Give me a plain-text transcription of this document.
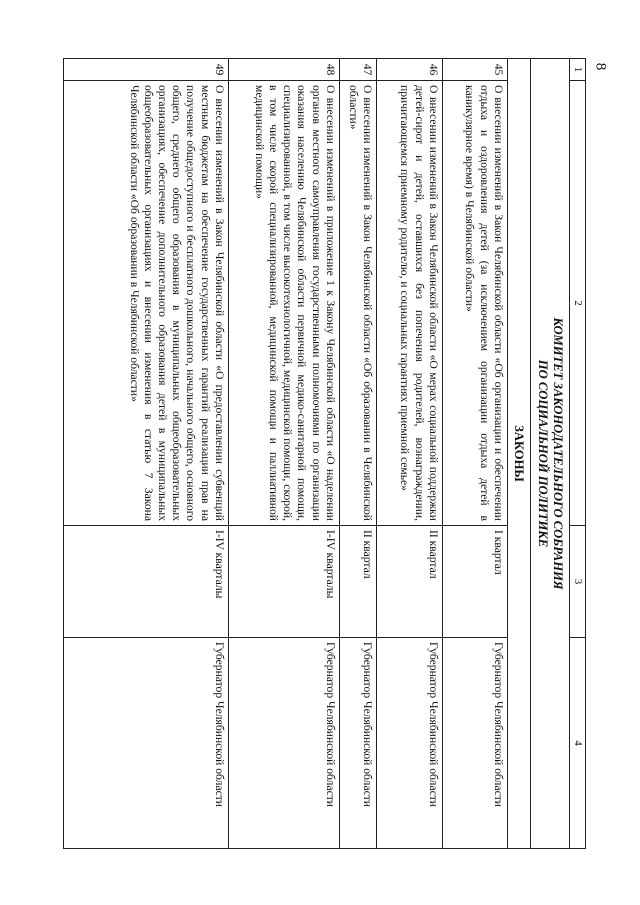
8
1	2	3	4

КОМИТЕТ ЗАКОНОДАТЕЛЬНОГО СОБРАНИЯ
ПО СОЦИАЛЬНОЙ ПОЛИТИКЕ			

ЗАКОНЫ			
45	О внесении изменений в Закон Челябинской области «Об организации и обеспечении отдыха и оздоровления детей (за исключением организации отдыха детей в каникулярное время) в Челябинской области»	I квартал	Губернатор Челябинской области
46	О внесении изменений в Закон Челябинской области «О мерах социальной поддержки детей-сирот и детей, оставшихся без попечения родителей, вознаграждении, причитающемся приемному родителю, и социальных гарантиях приемной семье»	II квартал	Губернатор Челябинской области
47	О внесении изменений в Закон Челябинской области «Об образовании в Челябинской области»	II квартал	Губернатор Челябинской области
48	О внесении изменений в приложение 1 к Закону Челябинской области «О наделении органов местного самоуправления государственными полномочиями по организации оказания населению Челябинской области первичной медико-санитарной помощи, специализированной, в том числе высокотехнологичной, медицинской помощи, скорой, в том числе скорой специализированной, медицинской помощи и паллиативной медицинской помощи»	I-IV кварталы	Губернатор Челябинской области
49	О внесении изменений в Закон Челябинской области «О предоставлении субвенций местным бюджетам на обеспечение государственных гарантий реализации прав на получение общедоступного и бесплатного дошкольного, начального общего, основного общего, среднего общего образования в муниципальных общеобразовательных организациях, обеспечение дополнительного образования детей в муниципальных общеобразовательных организациях и внесении изменения в статью 7 Закона Челябинской области «Об образовании в Челябинской области»	I-IV кварталы	Губернатор Челябинской области
